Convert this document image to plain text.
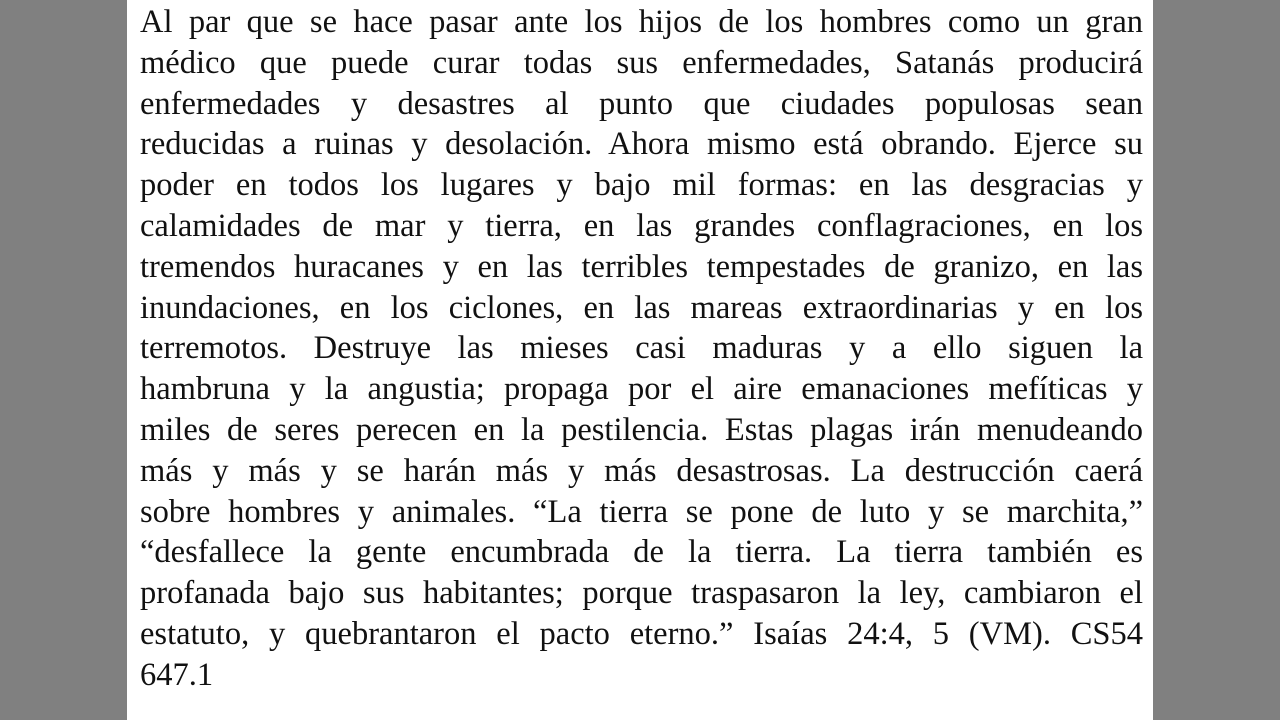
Al par que se hace pasar ante los hijos de los hombres como un gran
médico que puede curar todas sus enfermedades, Satanás producirá
enfermedades y desastres al punto que ciudades populosas sean
reducidas a ruinas y desolación. Ahora mismo está obrando. Ejerce su
poder en todos los lugares y bajo mil formas: en las desgracias y
calamidades de mar y tierra, en las grandes conflagraciones, en los
tremendos huracanes y en las terribles tempestades de granizo, en las
inundaciones, en los ciclones, en las mareas extraordinarias y en los
terremotos. Destruye las mieses casi maduras y a ello siguen la
hambruna y la angustia; propaga por el aire emanaciones mefíticas y
miles de seres perecen en la pestilencia. Estas plagas irán menudeando
más y más y se harán más y más desastrosas. La destrucción caerá
sobre hombres y animales. “La tierra se pone de luto y se marchita,”
“desfallece la gente encumbrada de la tierra. La tierra también es
profanada bajo sus habitantes; porque traspasaron la ley, cambiaron el
estatuto, y quebrantaron el pacto eterno.” Isaías 24:4, 5 (VM). CS54
647.1
